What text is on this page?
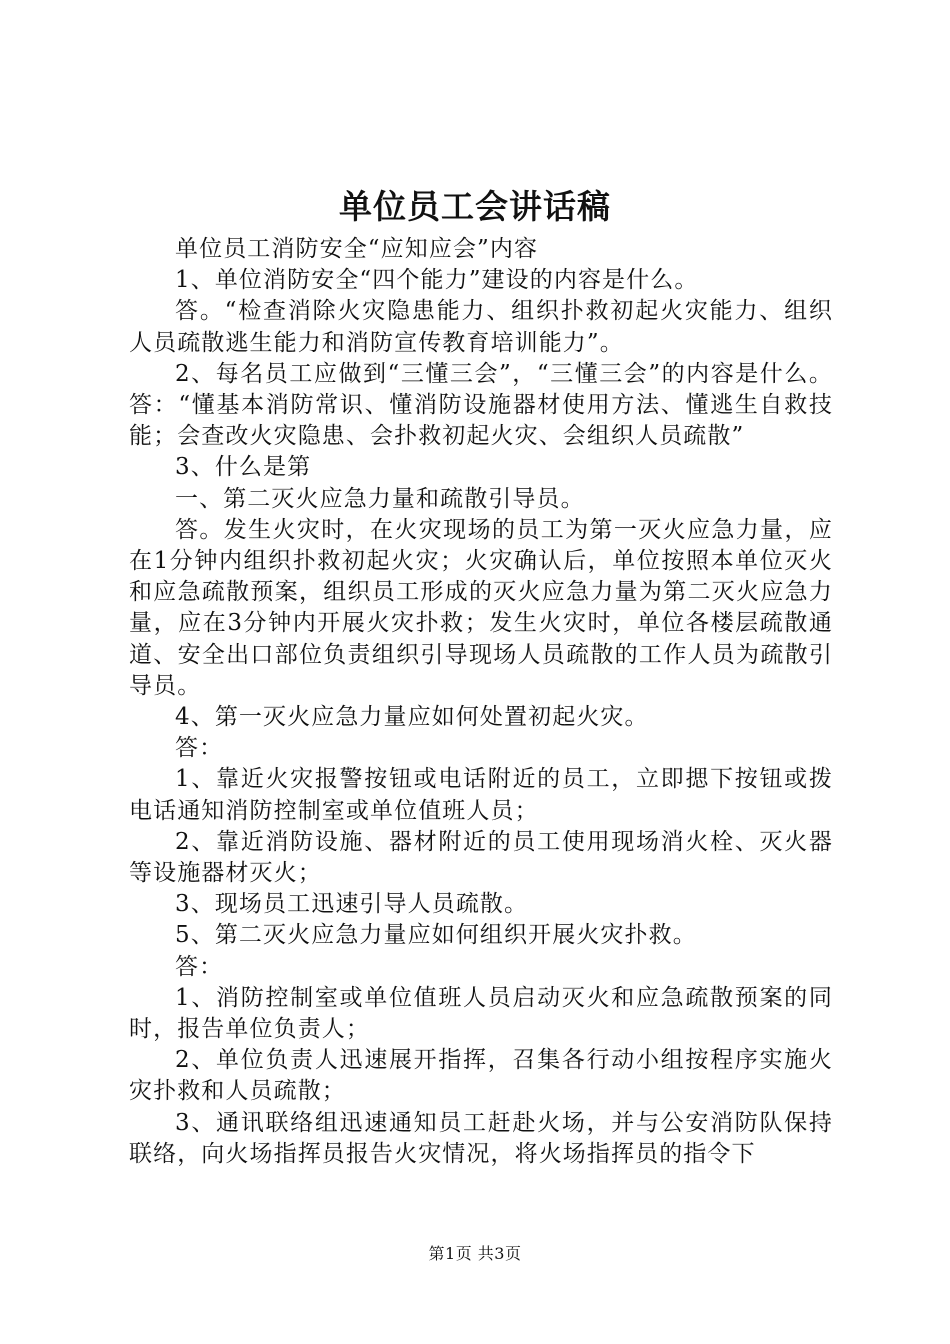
单位员工会讲话稿

单位员工消防安全“应知应会”内容

1、单位消防安全“四个能力”建设的内容是什么。

答。“检查消除火灾隐患能力、组织扑救初起火灾能力、组织人员疏散逃生能力和消防宣传教育培训能力”。

2、每名员工应做到“三懂三会”，“三懂三会”的内容是什么。答：“懂基本消防常识、懂消防设施器材使用方法、懂逃生自救技能；会查改火灾隐患、会扑救初起火灾、会组织人员疏散”

3、什么是第

一、第二灭火应急力量和疏散引导员。

答。发生火灾时，在火灾现场的员工为第一灭火应急力量，应在1分钟内组织扑救初起火灾；火灾确认后，单位按照本单位灭火和应急疏散预案，组织员工形成的灭火应急力量为第二灭火应急力量，应在3分钟内开展火灾扑救；发生火灾时，单位各楼层疏散通道、安全出口部位负责组织引导现场人员疏散的工作人员为疏散引导员。

4、第一灭火应急力量应如何处置初起火灾。

答：

1、靠近火灾报警按钮或电话附近的员工，立即揌下按钮或拨电话通知消防控制室或单位值班人员；

2、靠近消防设施、器材附近的员工使用现场消火栓、灭火器等设施器材灭火；

3、现场员工迅速引导人员疏散。

5、第二灭火应急力量应如何组织开展火灾扑救。

答：

1、消防控制室或单位值班人员启动灭火和应急疏散预案的同时，报告单位负责人；

2、单位负责人迅速展开指挥，召集各行动小组按程序实施火灾扑救和人员疏散；

3、通讯联络组迅速通知员工赶赴火场，并与公安消防队保持联络，向火场指挥员报告火灾情况，将火场指挥员的指令下

第1页 共3页
